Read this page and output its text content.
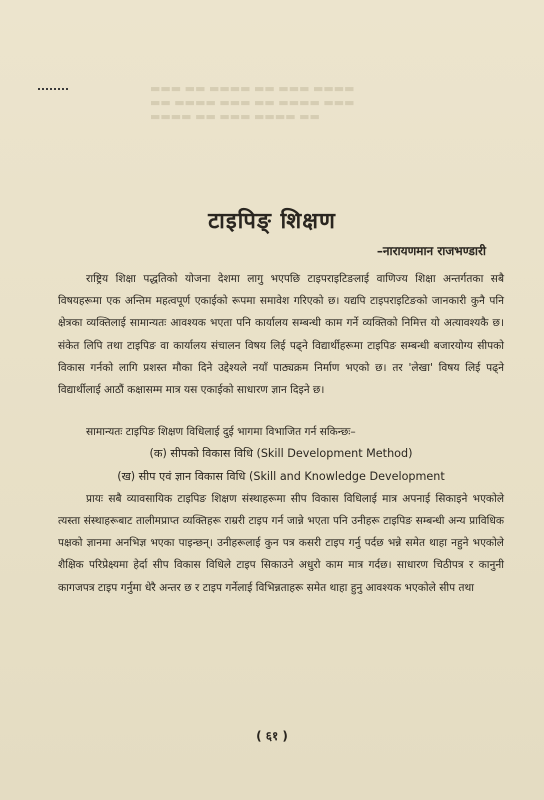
▬▬▬ ▬▬ ▬▬▬▬ ▬▬ ▬▬▬ ▬▬▬▬
▬▬ ▬▬▬▬ ▬▬▬ ▬▬ ▬▬▬▬ ▬▬▬
▬▬▬▬ ▬▬ ▬▬▬ ▬▬▬▬ ▬▬
टाइपिङ् शिक्षण
–नारायणमान राजभण्डारी

राष्ट्रिय शिक्षा पद्धतिको योजना देशमा लागु भएपछि टाइपराइटिङलाई वाणिज्य शिक्षा अन्तर्गतका सबै विषयहरूमा एक अन्तिम महत्वपूर्ण एकाईको रूपमा समावेश गरिएको छ। यद्यपि टाइपराइटिङको जानकारी कुनै पनि क्षेत्रका व्यक्तिलाई सामान्यतः आवश्यक भएता पनि कार्यालय सम्बन्धी काम गर्ने व्यक्तिको निमित्त यो अत्यावश्यकै छ। संकेत लिपि तथा टाइपिङ वा कार्यालय संचालन विषय लिई पढ्ने विद्यार्थीहरूमा टाइपिङ सम्बन्धी बजारयोग्य सीपको विकास गर्नको लागि प्रशस्त मौका दिने उद्देश्यले नयाँ पाठ्यक्रम निर्माण भएको छ। तर 'लेखा' विषय लिई पढ्ने विद्यार्थीलाई आठौं कक्षासम्म मात्र यस एकाईको साधारण ज्ञान दिइने छ।

सामान्यतः टाइपिङ शिक्षण विधिलाई दुई भागमा विभाजित गर्न सकिन्छः–

(क) सीपको विकास विधि (Skill Development Method)

(ख) सीप एवं ज्ञान विकास विधि (Skill and Knowledge Development

प्रायः सबै व्यावसायिक टाइपिङ शिक्षण संस्थाहरूमा सीप विकास विधिलाई मात्र अपनाई सिकाइने भएकोले त्यस्ता संस्थाहरूबाट तालीमप्राप्त व्यक्तिहरू राम्ररी टाइप गर्न जान्ने भएता पनि उनीहरू टाइपिङ सम्बन्धी अन्य प्राविधिक पक्षको ज्ञानमा अनभिज्ञ भएका पाइन्छन्। उनीहरूलाई कुन पत्र कसरी टाइप गर्नु पर्दछ भन्ने समेत थाहा नहुने भएकोले शैक्षिक परिप्रेक्ष्यमा हेर्दा सीप विकास विधिले टाइप सिकाउने अधुरो काम मात्र गर्दछ। साधारण चिठीपत्र र कानुनी कागजपत्र टाइप गर्नुमा धेरै अन्तर छ र टाइप गर्नेलाई विभिन्नताहरू समेत थाहा हुनु आवश्यक भएकोले सीप तथा

( ६१ )
